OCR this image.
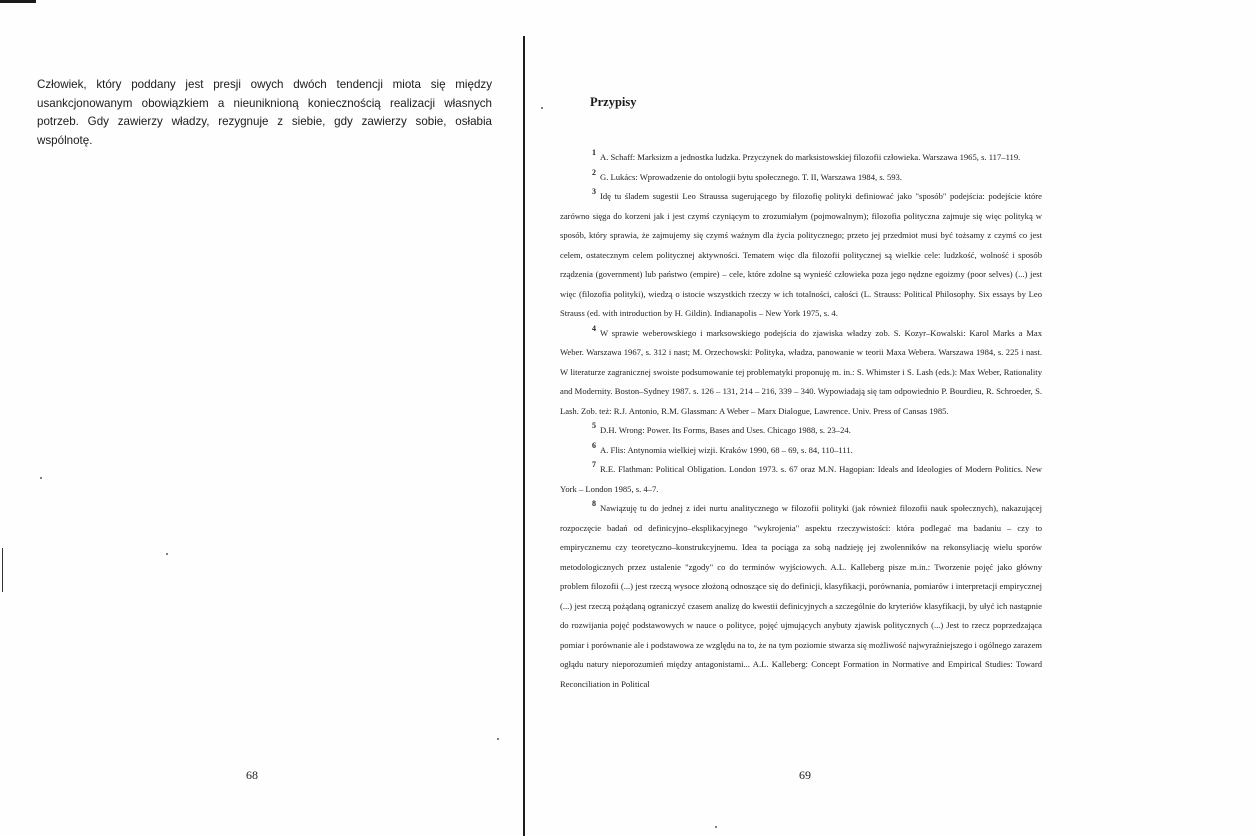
Człowiek, który poddany jest presji owych dwóch tendencji miota się między usankcjonowanym obowiązkiem a nieuniknioną koniecznością realizacji własnych potrzeb. Gdy zawierzy władzy, rezygnuje z siebie, gdy zawierzy sobie, osłabia wspólnotę.

68
Przypisy

1 A. Schaff: Marksizm a jednostka ludzka. Przyczynek do marksistowskiej filozofii człowieka. Warszawa 1965, s. 117–119.

2 G. Lukács: Wprowadzenie do ontologii bytu społecznego. T. II, Warszawa 1984, s. 593.

3 Idę tu śladem sugestii Leo Straussa sugerującego by filozofię polityki definiować jako "sposób" podejścia: podejście które zarówno sięga do korzeni jak i jest czymś czyniącym to zrozumiałym (pojmowalnym); filozofia polityczna zajmuje się więc polityką w sposób, który sprawia, że zajmujemy się czymś ważnym dla życia politycznego; przeto jej przedmiot musi być tożsamy z czymś co jest celem, ostatecznym celem politycznej aktywności. Tematem więc dla filozofii politycznej są wielkie cele: ludzkość, wolność i sposób rządzenia (government) lub państwo (empire) – cele, które zdolne są wynieść człowieka poza jego nędzne egoizmy (poor selves) (...) jest więc (filozofia polityki), wiedzą o istocie wszystkich rzeczy w ich totalności, całości (L. Strauss: Political Philosophy. Six essays by Leo Strauss (ed. with introduction by H. Gildin). Indianapolis – New York 1975, s. 4.

4 W sprawie weberowskiego i marksowskiego podejścia do zjawiska władzy zob. S. Kozyr–Kowalski: Karol Marks a Max Weber. Warszawa 1967, s. 312 i nast; M. Orzechowski: Polityka, władza, panowanie w teorii Maxa Webera. Warszawa 1984, s. 225 i nast. W literaturze zagranicznej swoiste podsumowanie tej problematyki proponuję m. in.: S. Whimster i S. Lash (eds.): Max Weber, Rationality and Modernity. Boston–Sydney 1987. s. 126 – 131, 214 – 216, 339 – 340. Wypowiadają się tam odpowiednio P. Bourdieu, R. Schroeder, S. Lash. Zob. też: R.J. Antonio, R.M. Glassman: A Weber – Marx Dialogue, Lawrence. Univ. Press of Cansas 1985.

5 D.H. Wrong: Power. Its Forms, Bases and Uses. Chicago 1988, s. 23–24.

6 A. Flis: Antynomia wielkiej wizji. Kraków 1990, 68 – 69, s. 84, 110–111.

7 R.E. Flathman: Political Obligation. London 1973. s. 67 oraz M.N. Hagopian: Ideals and Ideologies of Modern Politics. New York – London 1985, s. 4–7.

8 Nawiązuję tu do jednej z idei nurtu analitycznego w filozofii polityki (jak również filozofii nauk społecznych), nakazującej rozpoczęcie badań od definicyjno–eksplikacyjnego "wykrojenia" aspektu rzeczywistości: która podlegać ma badaniu – czy to empirycznemu czy teoretyczno–konstrukcyjnemu. Idea ta pociąga za sobą nadzieję jej zwolenników na rekonsyliację wielu sporów metodologicznych przez ustalenie "zgody" co do terminów wyjściowych. A.L. Kalleberg pisze m.in.: Tworzenie pojęć jako główny problem filozofii (...) jest rzeczą wysoce złożoną odnoszące się do definicji, klasyfikacji, porównania, pomiarów i interpretacji empirycznej (...) jest rzeczą pożądaną ograniczyć czasem analizę do kwestii definicyjnych a szczególnie do kryteriów klasyfikacji, by ułyć ich nastąpnie do rozwijania pojęć podstawowych w nauce o polityce, pojęć ujmujących anybuty zjawisk politycznych (...) Jest to rzecz poprzedzająca pomiar i porównanie ale i podstawowa ze względu na to, że na tym poziomie stwarza się możliwość najwyraźniejszego i ogólnego zarazem ogłądu natury nieporozumień między antagonistami... A.L. Kalleberg: Concept Formation in Normative and Empirical Studies: Toward Reconciliation in Political

69
